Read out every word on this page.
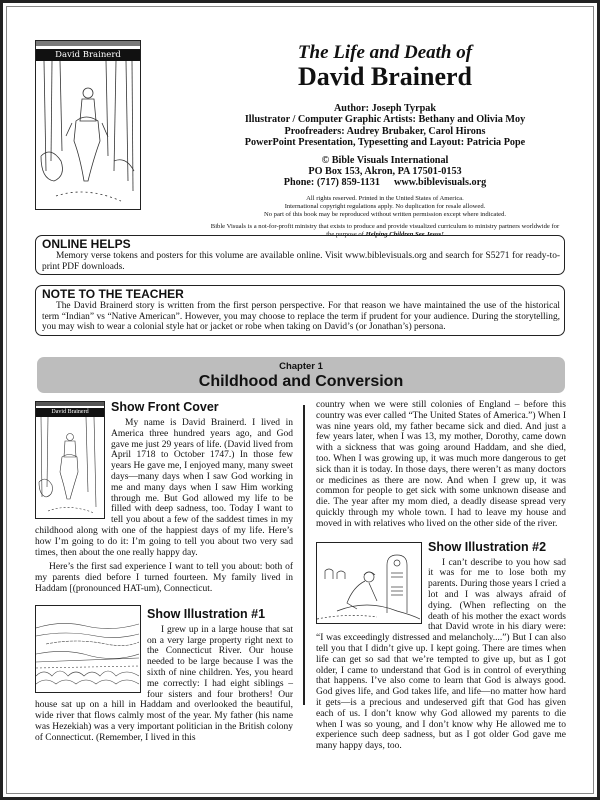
David Brainerd	The Life and Death of
David Brainerd
Author: Joseph Tyrpak
Illustrator / Computer Graphic Artists: Bethany and Olivia Moy
Proofreaders: Audrey Brubaker, Carol Hirons
PowerPoint Presentation, Typesetting and Layout: Patricia Pope
© Bible Visuals International
PO Box 153, Akron, PA 17501-0153
Phone: (717) 859-1131 www.biblevisuals.org
All rights reserved. Printed in the United States of America.
International copyright regulations apply. No duplication for resale allowed.
No part of this book may be reproduced without written permission except where indicated.
Bible Visuals is a not-for-profit ministry that exists to produce and provide visualized curriculum to ministry partners worldwide for the purpose of Helping Children See Jesus!
ONLINE HELPS

Memory verse tokens and posters for this volume are available online. Visit www.biblevisuals.org and search for S5271 for ready-to-print PDF downloads.

NOTE TO THE TEACHER

The David Brainerd story is written from the first person perspective. For that reason we have maintained the use of the historical term “Indian” vs “Native American”. However, you may choose to replace the term if prudent for your audience. During the storytelling, you may wish to wear a colonial style hat or jacket or robe when taking on David’s (or Jonathan’s) persona.

Chapter 1
Childhood and Conversion
David Brainerd	Show Front Cover

My name is David Brainerd. I lived in America three hundred years ago, and God gave me just 29 years of life. (David lived from April 1718 to October 1747.) In those few years He gave me, I enjoyed many, many sweet days—many days when I saw God working in me and many days when I saw Him working through me. But God allowed my life to be filled with deep sadness, too. Today I want to tell you about a few of the saddest times in my childhood along with one of the happiest days of my life. Here’s how I’m going to do it: I’m going to tell you about two very sad times, then about the one really happy day.

Here’s the first sad experience I want to tell you about: both of my parents died before I turned fourteen. My family lived in Haddam [(pronounced HAT-um), Connecticut.

Show Illustration #1

I grew up in a large house that sat on a very large property right next to the Connecticut River. Our house needed to be large because I was the sixth of nine children. Yes, you heard me correctly: I had eight siblings – four sisters and four brothers! Our house sat up on a hill in Haddam and overlooked the beautiful, wide river that flows calmly most of the year. My father (his name was Hezekiah) was a very important politician in the British colony of Connecticut. (Remember, I lived in this

country when we were still colonies of England – before this country was ever called “The United States of America.”) When I was nine years old, my father became sick and died. And just a few years later, when I was 13, my mother, Dorothy, came down with a sickness that was going around Haddam, and she died, too. When I was growing up, it was much more dangerous to get sick than it is today. In those days, there weren’t as many doctors or medicines as there are now. And when I grew up, it was common for people to get sick with some unknown disease and die. The year after my mom died, a deadly disease spread very quickly through my whole town. I had to leave my house and moved in with relatives who lived on the other side of the river.

Show Illustration #2

I can’t describe to you how sad it was for me to lose both my parents. During those years I cried a lot and I was always afraid of dying. (When reflecting on the death of his mother the exact words that David wrote in his diary were: “I was exceedingly distressed and melancholy....”) But I can also tell you that I didn’t give up. I kept going. There are times when life can get so sad that we’re tempted to give up, but as I got older, I came to understand that God is in control of everything that happens. I’ve also come to learn that God is always good. God gives life, and God takes life, and life—no matter how hard it gets—is a precious and undeserved gift that God has given each of us. I don’t know why God allowed my parents to die when I was so young, and I don’t know why He allowed me to experience such deep sadness, but as I got older God gave me many happy days, too.
